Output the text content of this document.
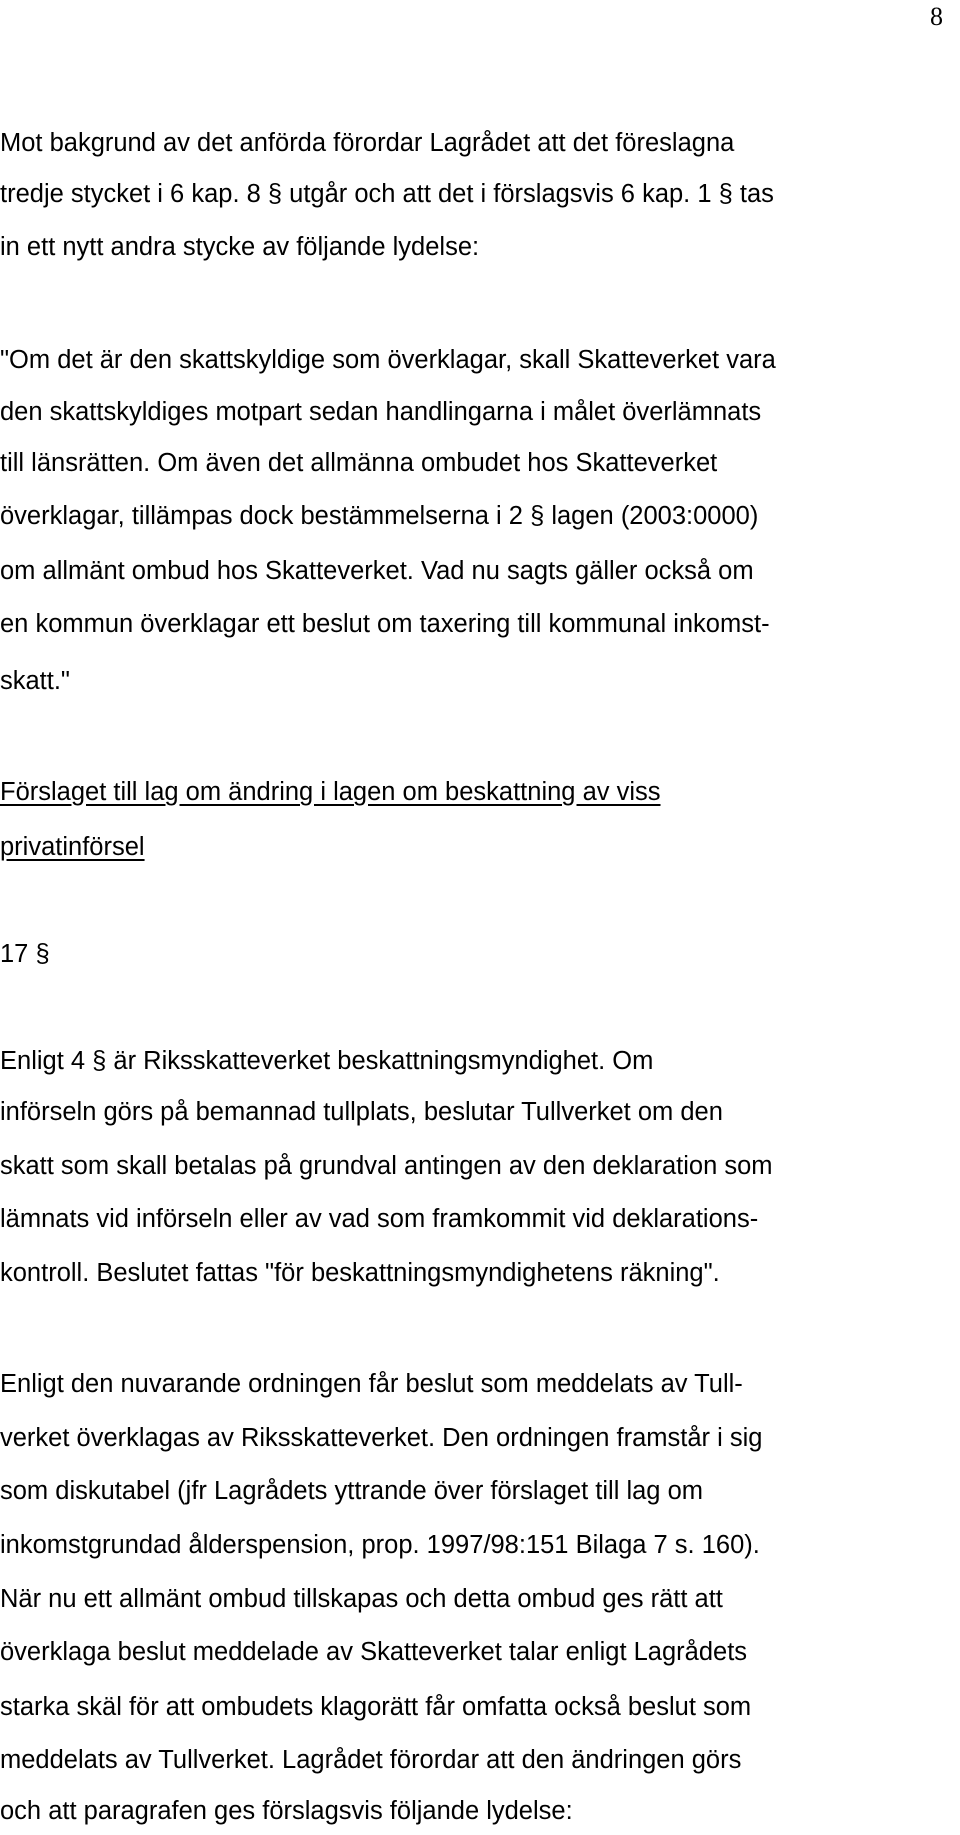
8
Mot bakgrund av det anförda förordar Lagrådet att det föreslagna
tredje stycket i 6 kap. 8 § utgår och att det i förslagsvis 6 kap. 1 § tas
in ett nytt andra stycke av följande lydelse:
"Om det är den skattskyldige som överklagar, skall Skatteverket vara
den skattskyldiges motpart sedan handlingarna i målet överlämnats
till länsrätten. Om även det allmänna ombudet hos Skatteverket
överklagar, tillämpas dock bestämmelserna i 2 § lagen (2003:0000)
om allmänt ombud hos Skatteverket. Vad nu sagts gäller också om
en kommun överklagar ett beslut om taxering till kommunal inkomst-
skatt."
Förslaget till lag om ändring i lagen om beskattning av viss
privatinförsel
17 §
Enligt 4 § är Riksskatteverket beskattningsmyndighet. Om
införseln görs på bemannad tullplats, beslutar Tullverket om den
skatt som skall betalas på grundval antingen av den deklaration som
lämnats vid införseln eller av vad som framkommit vid deklarations-
kontroll. Beslutet fattas "för beskattningsmyndighetens räkning".
Enligt den nuvarande ordningen får beslut som meddelats av Tull-
verket överklagas av Riksskatteverket. Den ordningen framstår i sig
som diskutabel (jfr Lagrådets yttrande över förslaget till lag om
inkomstgrundad ålderspension, prop. 1997/98:151 Bilaga 7 s. 160).
När nu ett allmänt ombud tillskapas och detta ombud ges rätt att
överklaga beslut meddelade av Skatteverket talar enligt Lagrådets
starka skäl för att ombudets klagorätt får omfatta också beslut som
meddelats av Tullverket. Lagrådet förordar att den ändringen görs
och att paragrafen ges förslagsvis följande lydelse:
